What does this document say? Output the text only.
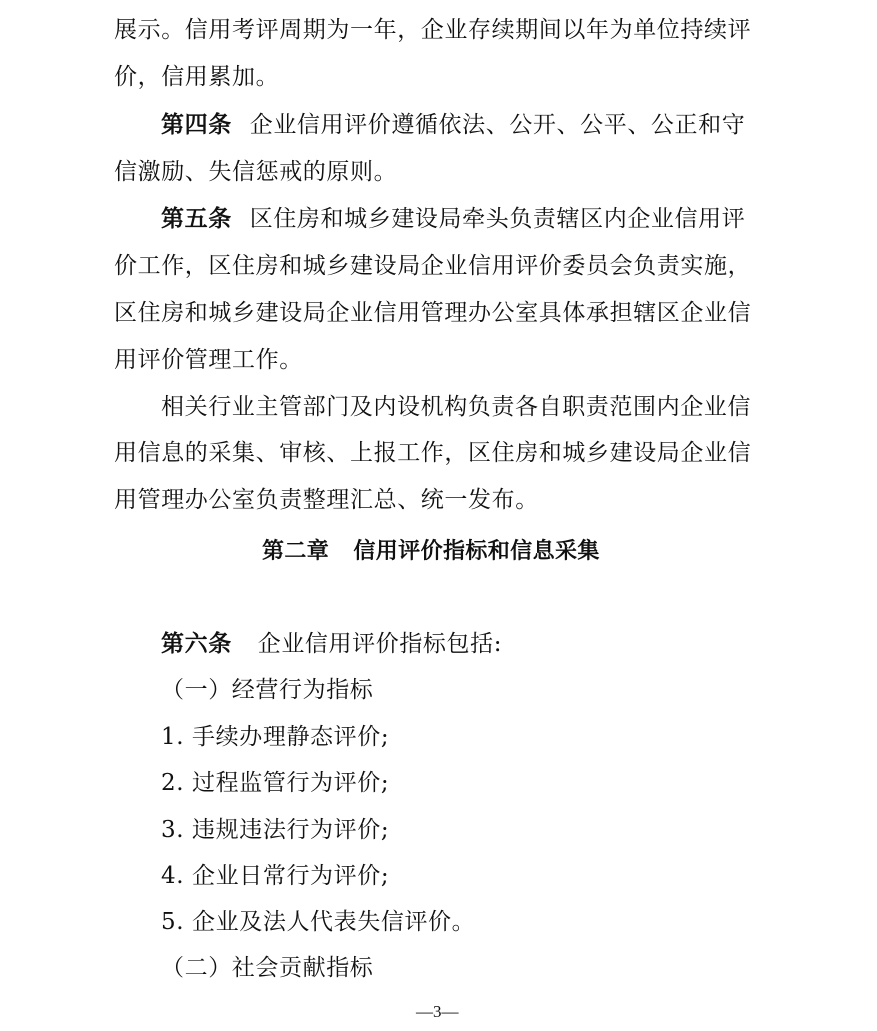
展示。信用考评周期为一年，企业存续期间以年为单位持续评
价，信用累加。
第四条 企业信用评价遵循依法、公开、公平、公正和守
信激励、失信惩戒的原则。
第五条 区住房和城乡建设局牵头负责辖区内企业信用评
价工作，区住房和城乡建设局企业信用评价委员会负责实施，
区住房和城乡建设局企业信用管理办公室具体承担辖区企业信
用评价管理工作。
相关行业主管部门及内设机构负责各自职责范围内企业信
用信息的采集、审核、上报工作，区住房和城乡建设局企业信
用管理办公室负责整理汇总、统一发布。
第二章   信用评价指标和信息采集
第六条 企业信用评价指标包括:
（一）经营行为指标
1. 手续办理静态评价;
2. 过程监管行为评价;
3. 违规违法行为评价;
4. 企业日常行为评价;
5. 企业及法人代表失信评价。
（二）社会贡献指标
—3—
